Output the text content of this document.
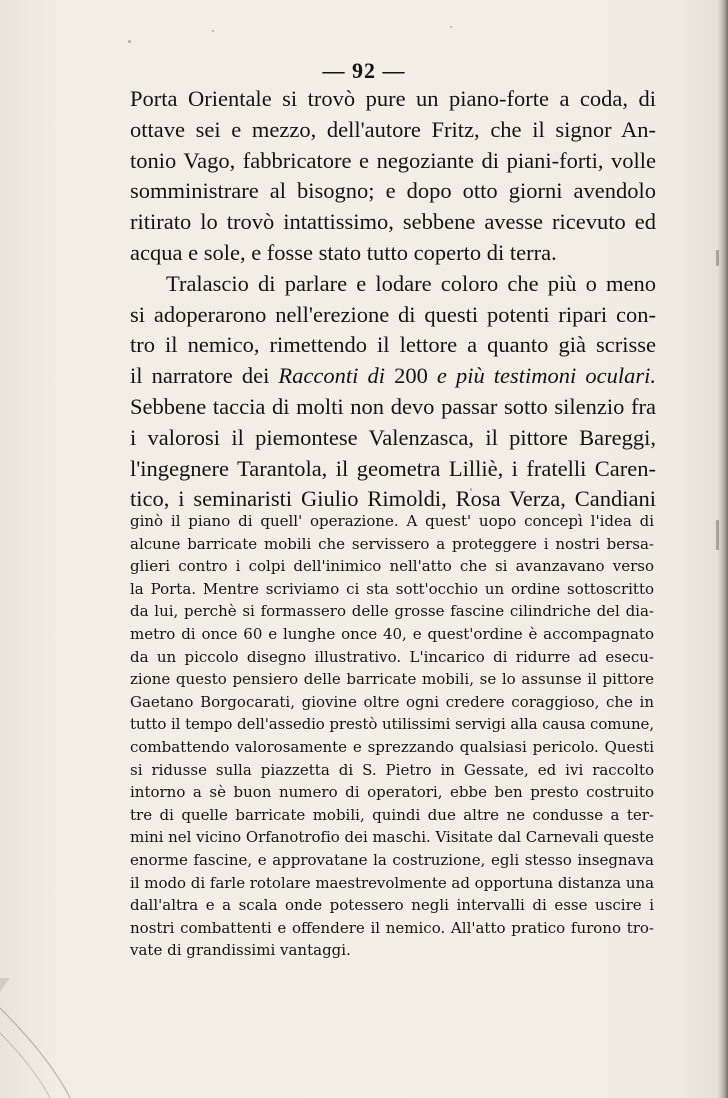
— 92 —

Porta Orientale si trovò pure un piano-forte a coda, di
ottave sei e mezzo, dell'autore Fritz, che il signor An-
tonio Vago, fabbricatore e negoziante di piani-forti, volle
somministrare al bisogno; e dopo otto giorni avendolo
ritirato lo trovò intattissimo, sebbene avesse ricevuto ed
acqua e sole, e fosse stato tutto coperto di terra.

Tralascio di parlare e lodare coloro che più o meno
si adoperarono nell'erezione di questi potenti ripari con-
tro il nemico, rimettendo il lettore a quanto già scrisse
il narratore dei Racconti di 200 e più testimoni oculari.
Sebbene taccia di molti non devo passar sotto silenzio fra
i valorosi il piemontese Valenzasca, il pittore Bareggi,
l'ingegnere Tarantola, il geometra Lilliè, i fratelli Caren-
tico, i seminaristi Giulio Rimoldi, Rosa Verza, Candiani

ginò il piano di quell' operazione. A quest' uopo concepì l'idea di
alcune barricate mobili che servissero a proteggere i nostri bersa-
glieri contro i colpi dell'inimico nell'atto che si avanzavano verso
la Porta. Mentre scriviamo ci sta sott'occhio un ordine sottoscritto
da lui, perchè si formassero delle grosse fascine cilindriche del dia-
metro di once 60 e lunghe once 40, e quest'ordine è accompagnato
da un piccolo disegno illustrativo. L'incarico di ridurre ad esecu-
zione questo pensiero delle barricate mobili, se lo assunse il pittore
Gaetano Borgocarati, giovine oltre ogni credere coraggioso, che in
tutto il tempo dell'assedio prestò utilissimi servigi alla causa comune,
combattendo valorosamente e sprezzando qualsiasi pericolo. Questi
si ridusse sulla piazzetta di S. Pietro in Gessate, ed ivi raccolto
intorno a sè buon numero di operatori, ebbe ben presto costruito
tre di quelle barricate mobili, quindi due altre ne condusse a ter-
mini nel vicino Orfanotrofio dei maschi. Visitate dal Carnevali queste
enorme fascine, e approvatane la costruzione, egli stesso insegnava
il modo di farle rotolare maestrevolmente ad opportuna distanza una
dall'altra e a scala onde potessero negli intervalli di esse uscire i
nostri combattenti e offendere il nemico. All'atto pratico furono tro-
vate di grandissimi vantaggi.
